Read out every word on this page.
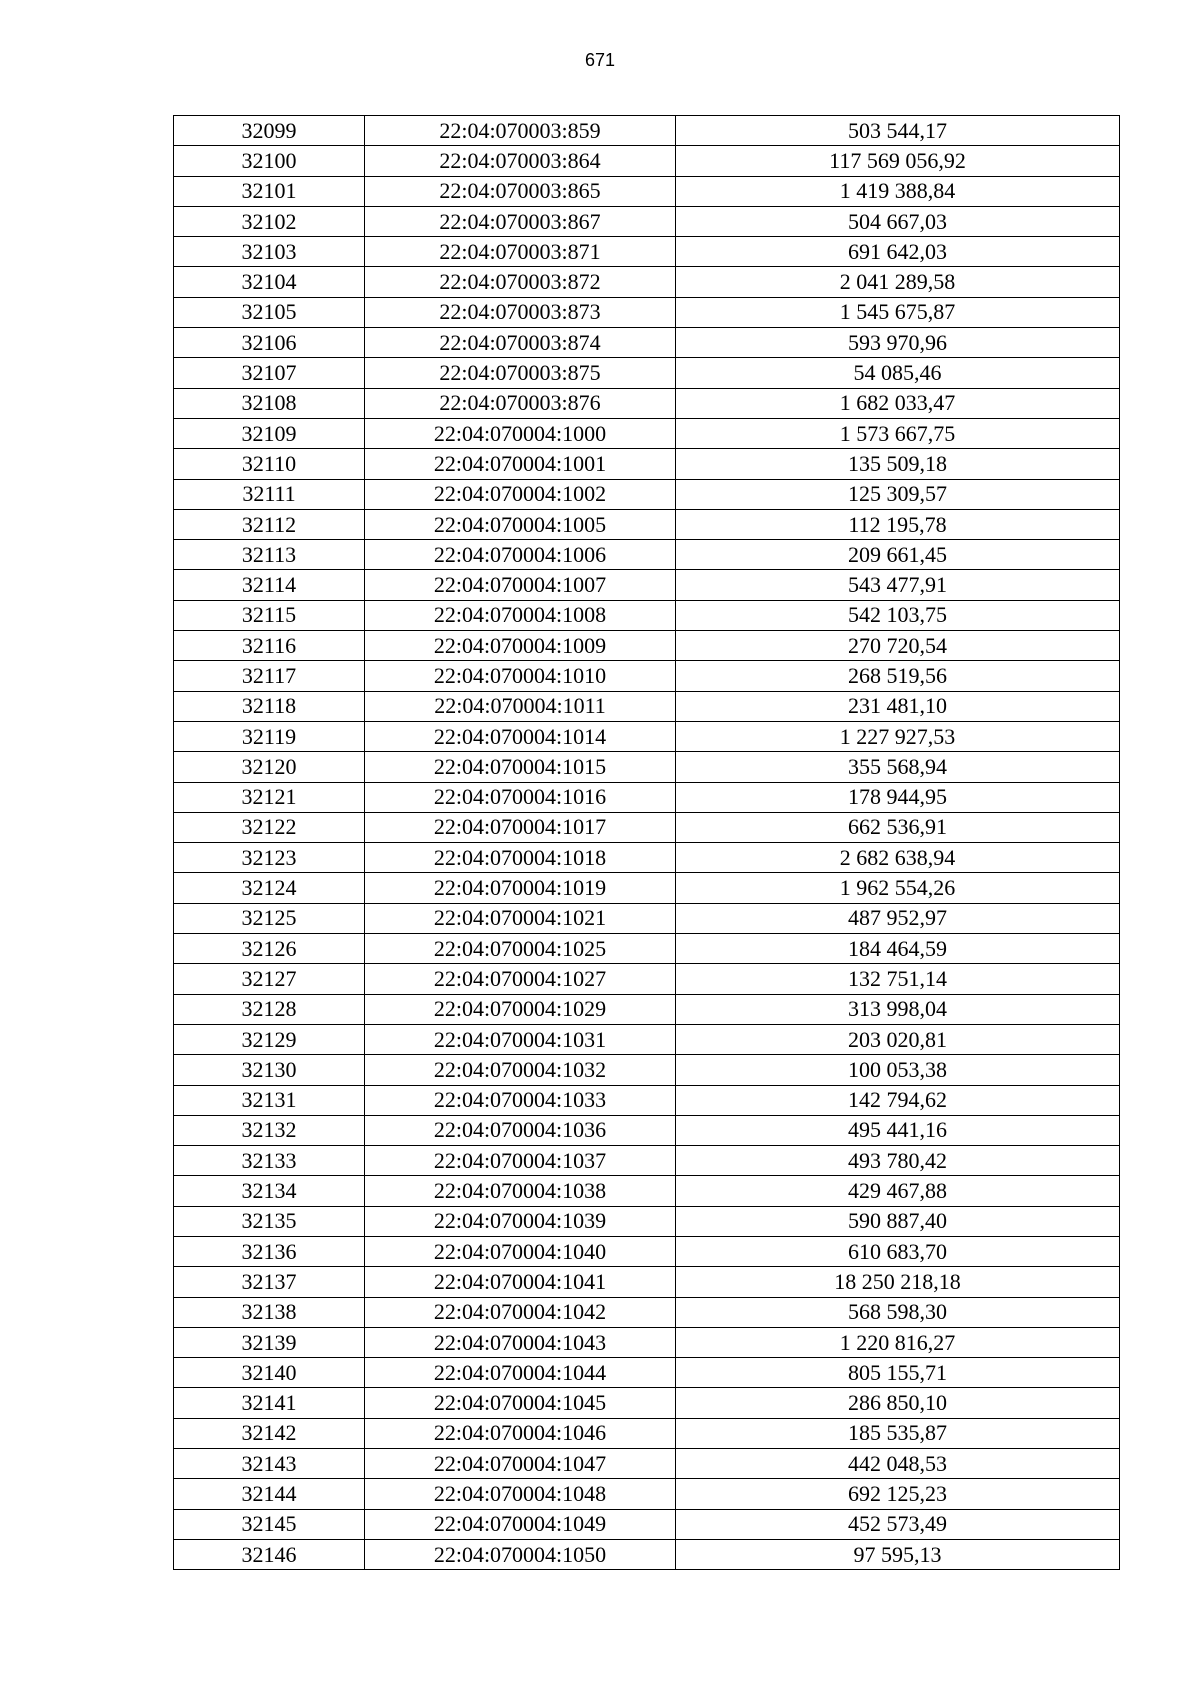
671
32099	22:04:070003:859	503 544,17
32100	22:04:070003:864	117 569 056,92
32101	22:04:070003:865	1 419 388,84
32102	22:04:070003:867	504 667,03
32103	22:04:070003:871	691 642,03
32104	22:04:070003:872	2 041 289,58
32105	22:04:070003:873	1 545 675,87
32106	22:04:070003:874	593 970,96
32107	22:04:070003:875	54 085,46
32108	22:04:070003:876	1 682 033,47
32109	22:04:070004:1000	1 573 667,75
32110	22:04:070004:1001	135 509,18
32111	22:04:070004:1002	125 309,57
32112	22:04:070004:1005	112 195,78
32113	22:04:070004:1006	209 661,45
32114	22:04:070004:1007	543 477,91
32115	22:04:070004:1008	542 103,75
32116	22:04:070004:1009	270 720,54
32117	22:04:070004:1010	268 519,56
32118	22:04:070004:1011	231 481,10
32119	22:04:070004:1014	1 227 927,53
32120	22:04:070004:1015	355 568,94
32121	22:04:070004:1016	178 944,95
32122	22:04:070004:1017	662 536,91
32123	22:04:070004:1018	2 682 638,94
32124	22:04:070004:1019	1 962 554,26
32125	22:04:070004:1021	487 952,97
32126	22:04:070004:1025	184 464,59
32127	22:04:070004:1027	132 751,14
32128	22:04:070004:1029	313 998,04
32129	22:04:070004:1031	203 020,81
32130	22:04:070004:1032	100 053,38
32131	22:04:070004:1033	142 794,62
32132	22:04:070004:1036	495 441,16
32133	22:04:070004:1037	493 780,42
32134	22:04:070004:1038	429 467,88
32135	22:04:070004:1039	590 887,40
32136	22:04:070004:1040	610 683,70
32137	22:04:070004:1041	18 250 218,18
32138	22:04:070004:1042	568 598,30
32139	22:04:070004:1043	1 220 816,27
32140	22:04:070004:1044	805 155,71
32141	22:04:070004:1045	286 850,10
32142	22:04:070004:1046	185 535,87
32143	22:04:070004:1047	442 048,53
32144	22:04:070004:1048	692 125,23
32145	22:04:070004:1049	452 573,49
32146	22:04:070004:1050	97 595,13
